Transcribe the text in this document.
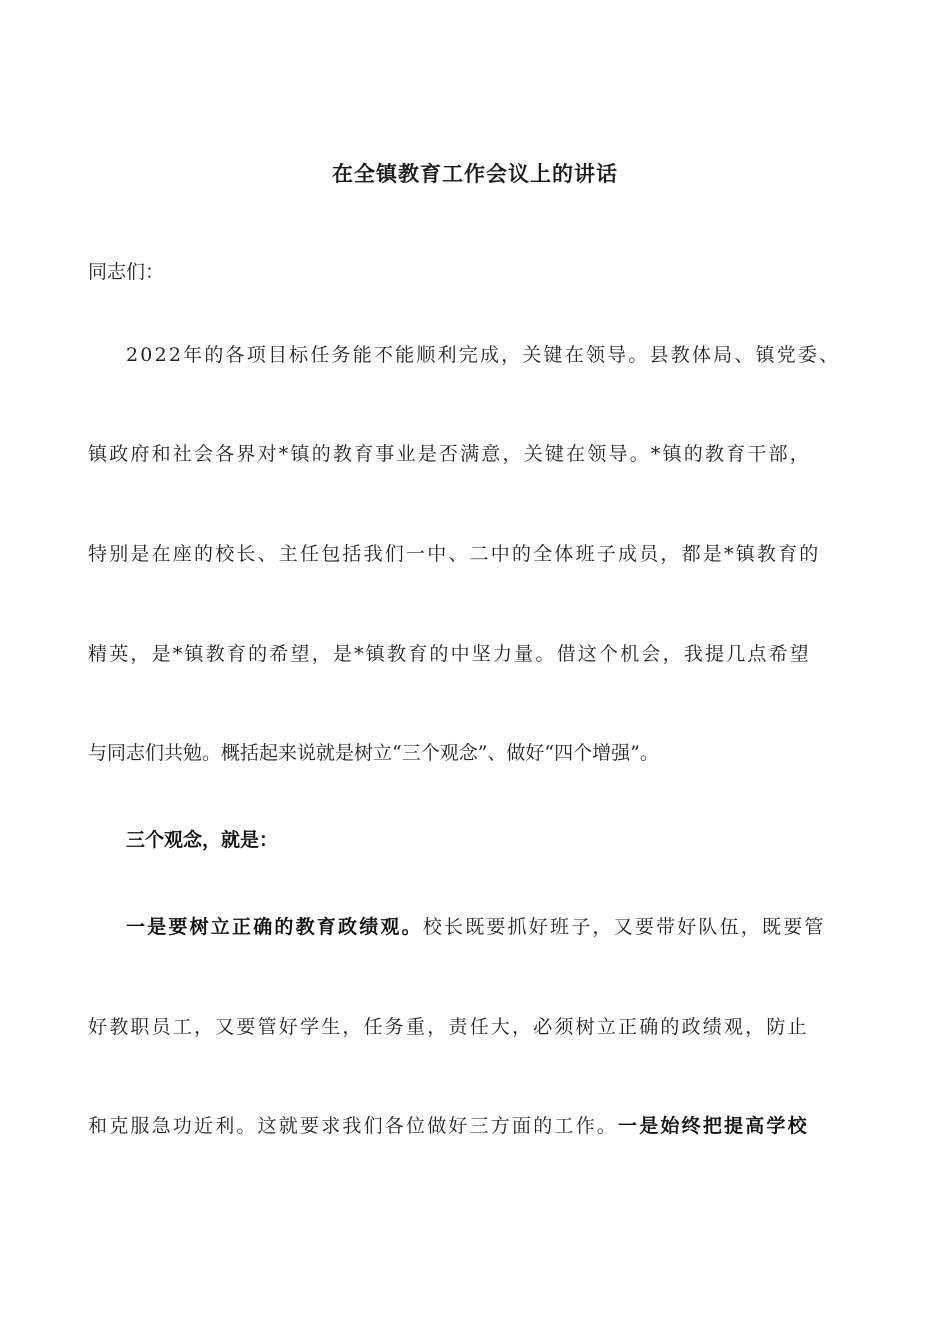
在全镇教育工作会议上的讲话
同志们：
2022年的各项目标任务能不能顺利完成，关键在领导。县教体局、镇党委、
镇政府和社会各界对*镇的教育事业是否满意，关键在领导。*镇的教育干部，
特别是在座的校长、主任包括我们一中、二中的全体班子成员，都是*镇教育的
精英，是*镇教育的希望，是*镇教育的中坚力量。借这个机会，我提几点希望
与同志们共勉。概括起来说就是树立“三个观念”、做好“四个增强”。
三个观念，就是：
一是要树立正确的教育政绩观。校长既要抓好班子，又要带好队伍，既要管
好教职员工，又要管好学生，任务重，责任大，必须树立正确的政绩观，防止
和克服急功近利。这就要求我们各位做好三方面的工作。一是始终把提高学校
